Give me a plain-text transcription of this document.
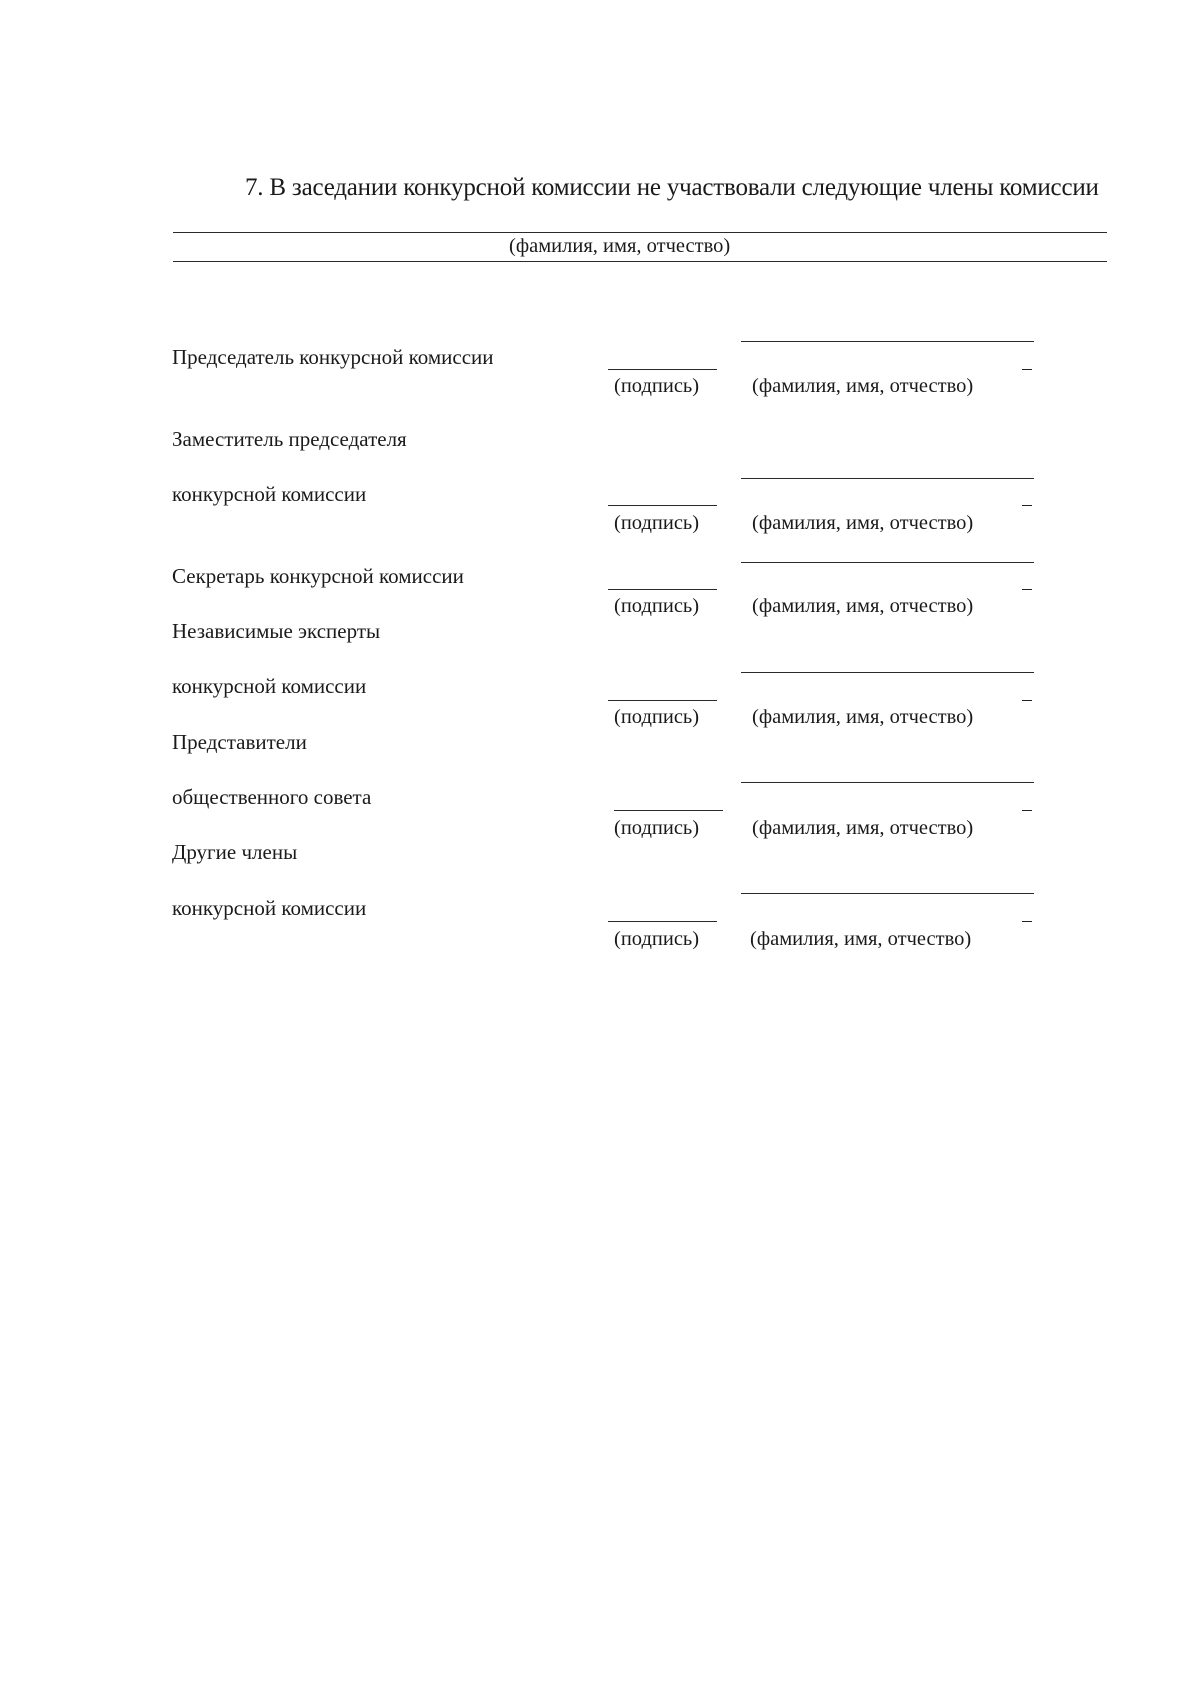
7. В заседании конкурсной комиссии не участвовали следующие члены комиссии
(фамилия, имя, отчество)
Председатель конкурсной комиссии
(подпись)	(фамилия, имя, отчество)
Заместитель председателя
конкурсной комиссии
(подпись)	(фамилия, имя, отчество)
Секретарь конкурсной комиссии
(подпись)	(фамилия, имя, отчество)
Независимые эксперты
конкурсной комиссии
(подпись)	(фамилия, имя, отчество)
Представители
общественного совета
(подпись)	(фамилия, имя, отчество)
Другие члены
конкурсной комиссии
(подпись) (фамилия, имя, отчество)
